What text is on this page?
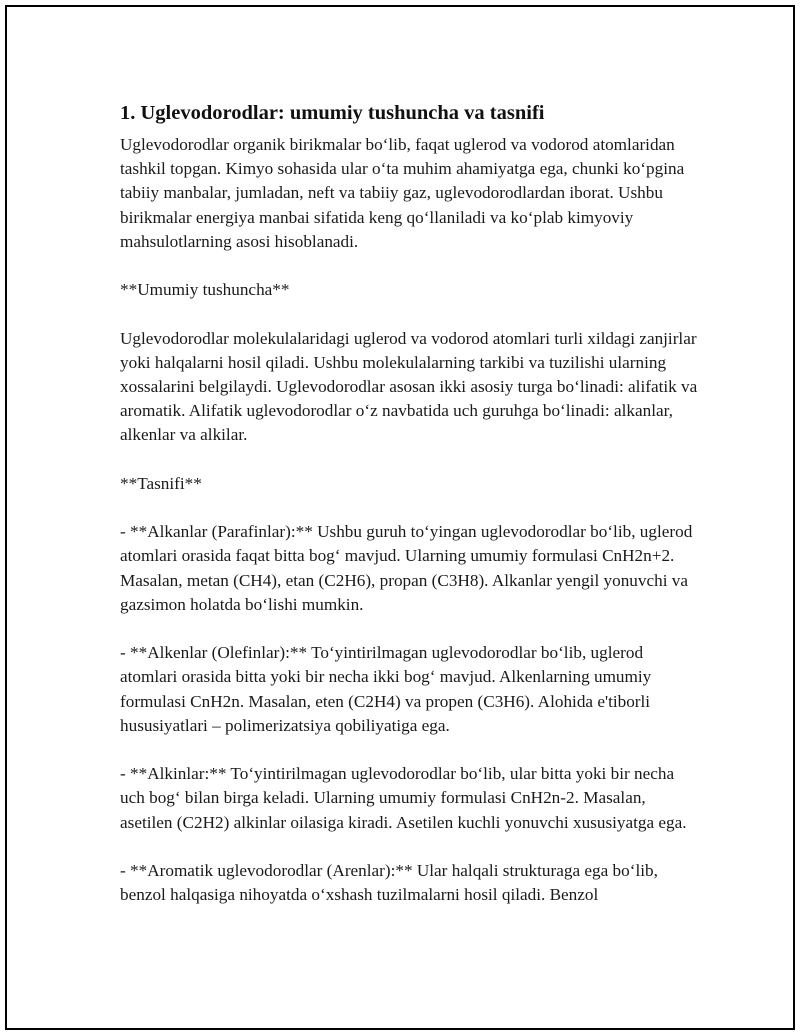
1. Uglevodorodlar: umumiy tushuncha va tasnifi

Uglevodorodlar organik birikmalar bo‘lib, faqat uglerod va vodorod atomlaridan tashkil topgan. Kimyo sohasida ular o‘ta muhim ahamiyatga ega, chunki ko‘pgina tabiiy manbalar, jumladan, neft va tabiiy gaz, uglevodorodlardan iborat. Ushbu birikmalar energiya manbai sifatida keng qo‘llaniladi va ko‘plab kimyoviy mahsulotlarning asosi hisoblanadi.

**Umumiy tushuncha**

Uglevodorodlar molekulalaridagi uglerod va vodorod atomlari turli xildagi zanjirlar yoki halqalarni hosil qiladi. Ushbu molekulalarning tarkibi va tuzilishi ularning xossalarini belgilaydi. Uglevodorodlar asosan ikki asosiy turga bo‘linadi: alifatik va aromatik. Alifatik uglevodorodlar o‘z navbatida uch guruhga bo‘linadi: alkanlar, alkenlar va alkilar.

**Tasnifi**

- **Alkanlar (Parafinlar):** Ushbu guruh to‘yingan uglevodorodlar bo‘lib, uglerod atomlari orasida faqat bitta bog‘ mavjud. Ularning umumiy formulasi CnH2n+2. Masalan, metan (CH4), etan (C2H6), propan (C3H8). Alkanlar yengil yonuvchi va gazsimon holatda bo‘lishi mumkin.

- **Alkenlar (Olefinlar):** To‘yintirilmagan uglevodorodlar bo‘lib, uglerod atomlari orasida bitta yoki bir necha ikki bog‘ mavjud. Alkenlarning umumiy formulasi CnH2n. Masalan, eten (C2H4) va propen (C3H6). Alohida e'tiborli hususiyatlari – polimerizatsiya qobiliyatiga ega.

- **Alkinlar:** To‘yintirilmagan uglevodorodlar bo‘lib, ular bitta yoki bir necha uch bog‘ bilan birga keladi. Ularning umumiy formulasi CnH2n-2. Masalan, asetilen (C2H2) alkinlar oilasiga kiradi. Asetilen kuchli yonuvchi xususiyatga ega.

- **Aromatik uglevodorodlar (Arenlar):** Ular halqali strukturaga ega bo‘lib, benzol halqasiga nihoyatda o‘xshash tuzilmalarni hosil qiladi. Benzol
